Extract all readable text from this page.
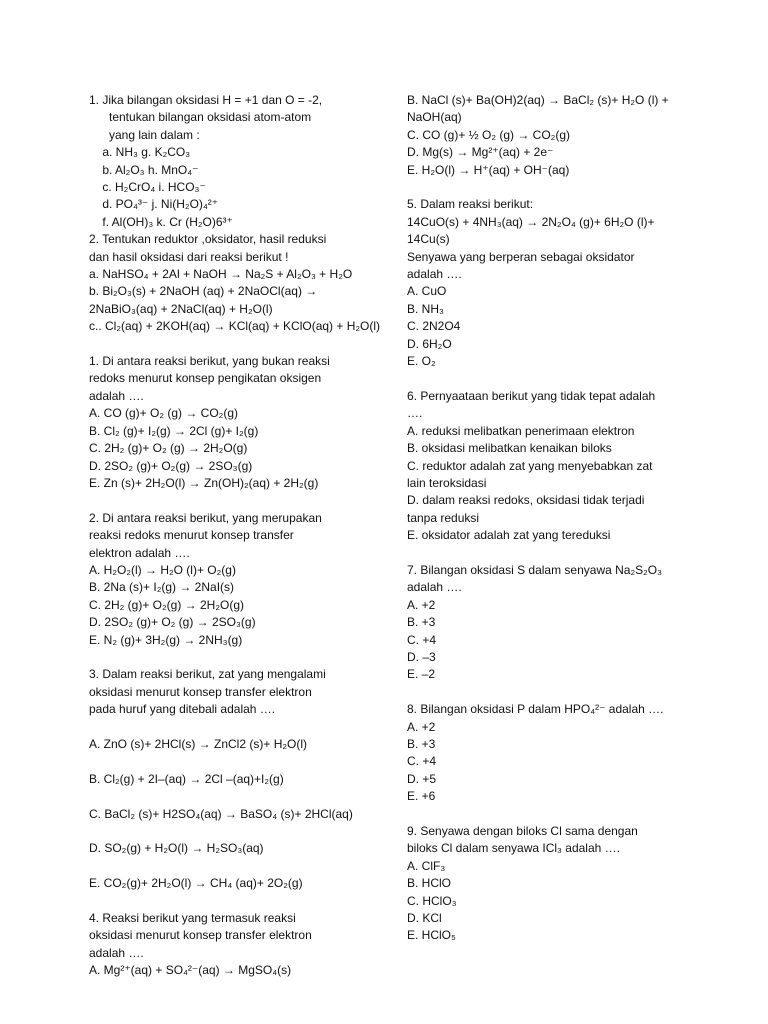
1. Jika bilangan oksidasi H = +1 dan O = -2,
tentukan bilangan oksidasi atom-atom
yang lain dalam :
a. NH₃ g. K₂CO₃
b. Al₂O₃ h. MnO₄⁻
c. H₂CrO₄ i. HCO₃⁻
d. PO₄³⁻ j. Ni(H₂O)₄²⁺
f. Al(OH)₃ k. Cr (H₂O)6³⁺
2. Tentukan reduktor ,oksidator, hasil reduksi
dan hasil oksidasi dari reaksi berikut !
a. NaHSO₄ + 2Al + NaOH → Na₂S + Al₂O₃ + H₂O
b. Bi₂O₃(s) + 2NaOH (aq) + 2NaOCl(aq) →
2NaBiO₃(aq) + 2NaCl(aq) + H₂O(l)
c.. Cl₂(aq) + 2KOH(aq) → KCl(aq) + KClO(aq) + H₂O(l)
1. Di antara reaksi berikut, yang bukan reaksi
redoks menurut konsep pengikatan oksigen
adalah ….
A. CO (g)+ O₂ (g) → CO₂(g)
B. Cl₂ (g)+ I₂(g) → 2Cl (g)+ I₂(g)
C. 2H₂ (g)+ O₂ (g) → 2H₂O(g)
D. 2SO₂ (g)+ O₂(g) → 2SO₃(g)
E. Zn (s)+ 2H₂O(l) → Zn(OH)₂(aq) + 2H₂(g)
2. Di antara reaksi berikut, yang merupakan
reaksi redoks menurut konsep transfer
elektron adalah ….
A. H₂O₂(l) → H₂O (l)+ O₂(g)
B. 2Na (s)+ I₂(g) → 2NaI(s)
C. 2H₂ (g)+ O₂(g) → 2H₂O(g)
D. 2SO₂ (g)+ O₂ (g) → 2SO₃(g)
E. N₂ (g)+ 3H₂(g) → 2NH₃(g)
3. Dalam reaksi berikut, zat yang mengalami
oksidasi menurut konsep transfer elektron
pada huruf yang ditebali adalah ….
A. ZnO (s)+ 2HCl(s) → ZnCl2 (s)+ H₂O(l)
B. Cl₂(g) + 2I–(aq) → 2Cl –(aq)+I₂(g)
C. BaCl₂ (s)+ H2SO₄(aq) → BaSO₄ (s)+ 2HCl(aq)
D. SO₂(g) + H₂O(l) → H₂SO₃(aq)
E. CO₂(g)+ 2H₂O(l) → CH₄ (aq)+ 2O₂(g)
4. Reaksi berikut yang termasuk reaksi
oksidasi menurut konsep transfer elektron
adalah ….
A. Mg²⁺(aq) + SO₄²⁻(aq) → MgSO₄(s)
B. NaCl (s)+ Ba(OH)2(aq) → BaCl₂ (s)+ H₂O (l) +
NaOH(aq)
C. CO (g)+ ½ O₂ (g) → CO₂(g)
D. Mg(s) → Mg²⁺(aq) + 2e⁻
E. H₂O(l) → H⁺(aq) + OH⁻(aq)
5. Dalam reaksi berikut:
14CuO(s) + 4NH₃(aq) → 2N₂O₄ (g)+ 6H₂O (l)+
14Cu(s)
Senyawa yang berperan sebagai oksidator
adalah ….
A. CuO
B. NH₃
C. 2N2O4
D. 6H₂O
E. O₂
6. Pernyaataan berikut yang tidak tepat adalah
….
A. reduksi melibatkan penerimaan elektron
B. oksidasi melibatkan kenaikan biloks
C. reduktor adalah zat yang menyebabkan zat
lain teroksidasi
D. dalam reaksi redoks, oksidasi tidak terjadi
tanpa reduksi
E. oksidator adalah zat yang tereduksi
7. Bilangan oksidasi S dalam senyawa Na₂S₂O₃
adalah ….
A. +2
B. +3
C. +4
D. –3
E. –2
8. Bilangan oksidasi P dalam HPO₄²⁻ adalah ….
A. +2
B. +3
C. +4
D. +5
E. +6
9. Senyawa dengan biloks Cl sama dengan
biloks Cl dalam senyawa ICl₃ adalah ….
A. ClF₃
B. HClO
C. HClO₃
D. KCl
E. HClO₅
